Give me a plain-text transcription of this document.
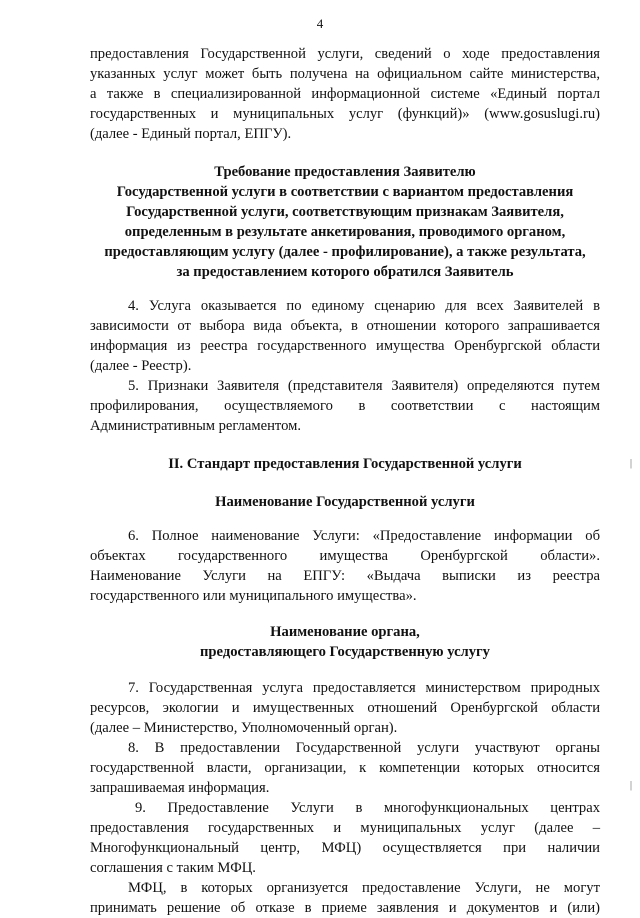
4
предоставления Государственной услуги, сведений о ходе предоставления
указанных услуг может быть получена на официальном сайте министерства,
а также в специализированной информационной системе «Единый портал
государственных и муниципальных услуг (функций)» (www.gosuslugi.ru)
(далее - Единый портал, ЕПГУ).
Требование предоставления Заявителю
Государственной услуги в соответствии с вариантом предоставления
Государственной услуги, соответствующим признакам Заявителя,
определенным в результате анкетирования, проводимого органом,
предоставляющим услугу (далее - профилирование), а также результата,
за предоставлением которого обратился Заявитель
4. Услуга оказывается по единому сценарию для всех Заявителей в
зависимости от выбора вида объекта, в отношении которого запрашивается
информация из реестра государственного имущества Оренбургской области
(далее - Реестр).
5. Признаки Заявителя (представителя Заявителя) определяются путем
профилирования, осуществляемого в соответствии с настоящим
Административным регламентом.
II. Стандарт предоставления Государственной услуги
Наименование Государственной услуги
6. Полное наименование Услуги: «Предоставление информации об
объектах государственного имущества Оренбургской области».
Наименование Услуги на ЕПГУ: «Выдача выписки из реестра
государственного или муниципального имущества».
Наименование органа,
предоставляющего Государственную услугу
7. Государственная услуга предоставляется министерством природных
ресурсов, экологии и имущественных отношений Оренбургской области
(далее – Министерство, Уполномоченный орган).
8. В предоставлении Государственной услуги участвуют органы
государственной власти, организации, к компетенции которых относится
запрашиваемая информация.
9. Предоставление Услуги в многофункциональных центрах
предоставления государственных и муниципальных услуг (далее –
Многофункциональный центр, МФЦ) осуществляется при наличии
соглашения с таким МФЦ.
МФЦ, в которых организуется предоставление Услуги, не могут
принимать решение об отказе в приеме заявления и документов и (или)
|
|
